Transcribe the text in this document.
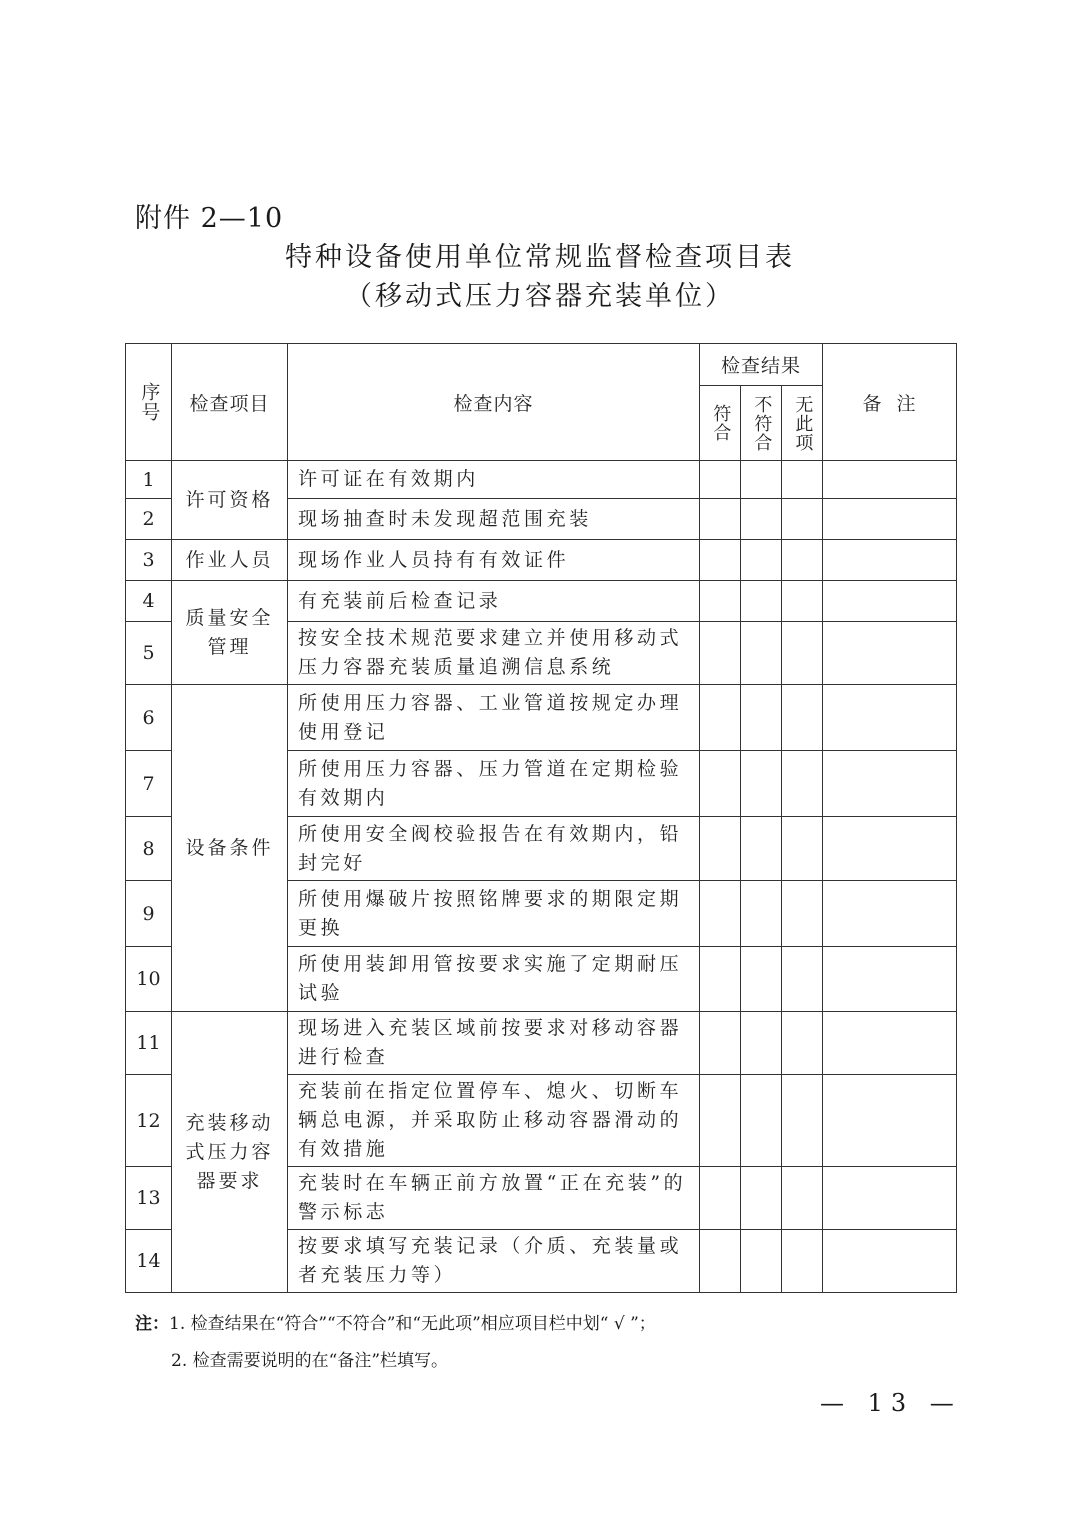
附件 2—10
特种设备使用单位常规监督检查项目表
（移动式压力容器充装单位）
序号	检查项目	检查内容	检查结果			备  注

			符合	不符合	无此项	

1	许可资格	许可证在有效期内				
2		现场抽查时未发现超范围充装				
3	作业人员	现场作业人员持有有效证件				
4	质量安全管理	有充装前后检查记录				
5		按安全技术规范要求建立并使用移动式压力容器充装质量追溯信息系统				
6	设备条件	所使用压力容器、工业管道按规定办理使用登记				
7		所使用压力容器、压力管道在定期检验有效期内				
8		所使用安全阀校验报告在有效期内，铅封完好				
9		所使用爆破片按照铭牌要求的期限定期更换				
10		所使用装卸用管按要求实施了定期耐压试验				
11	充装移动式压力容器要求	现场进入充装区域前按要求对移动容器进行检查				
12		充装前在指定位置停车、熄火、切断车辆总电源，并采取防止移动容器滑动的有效措施				
13		充装时在车辆正前方放置“正在充装”的警示标志				
14		按要求填写充装记录（介质、充装量或者充装压力等）				
注：1. 检查结果在“符合”“不符合”和“无此项”相应项目栏中划“ √ ”；
2. 检查需要说明的在“备注”栏填写。
— 13 —
